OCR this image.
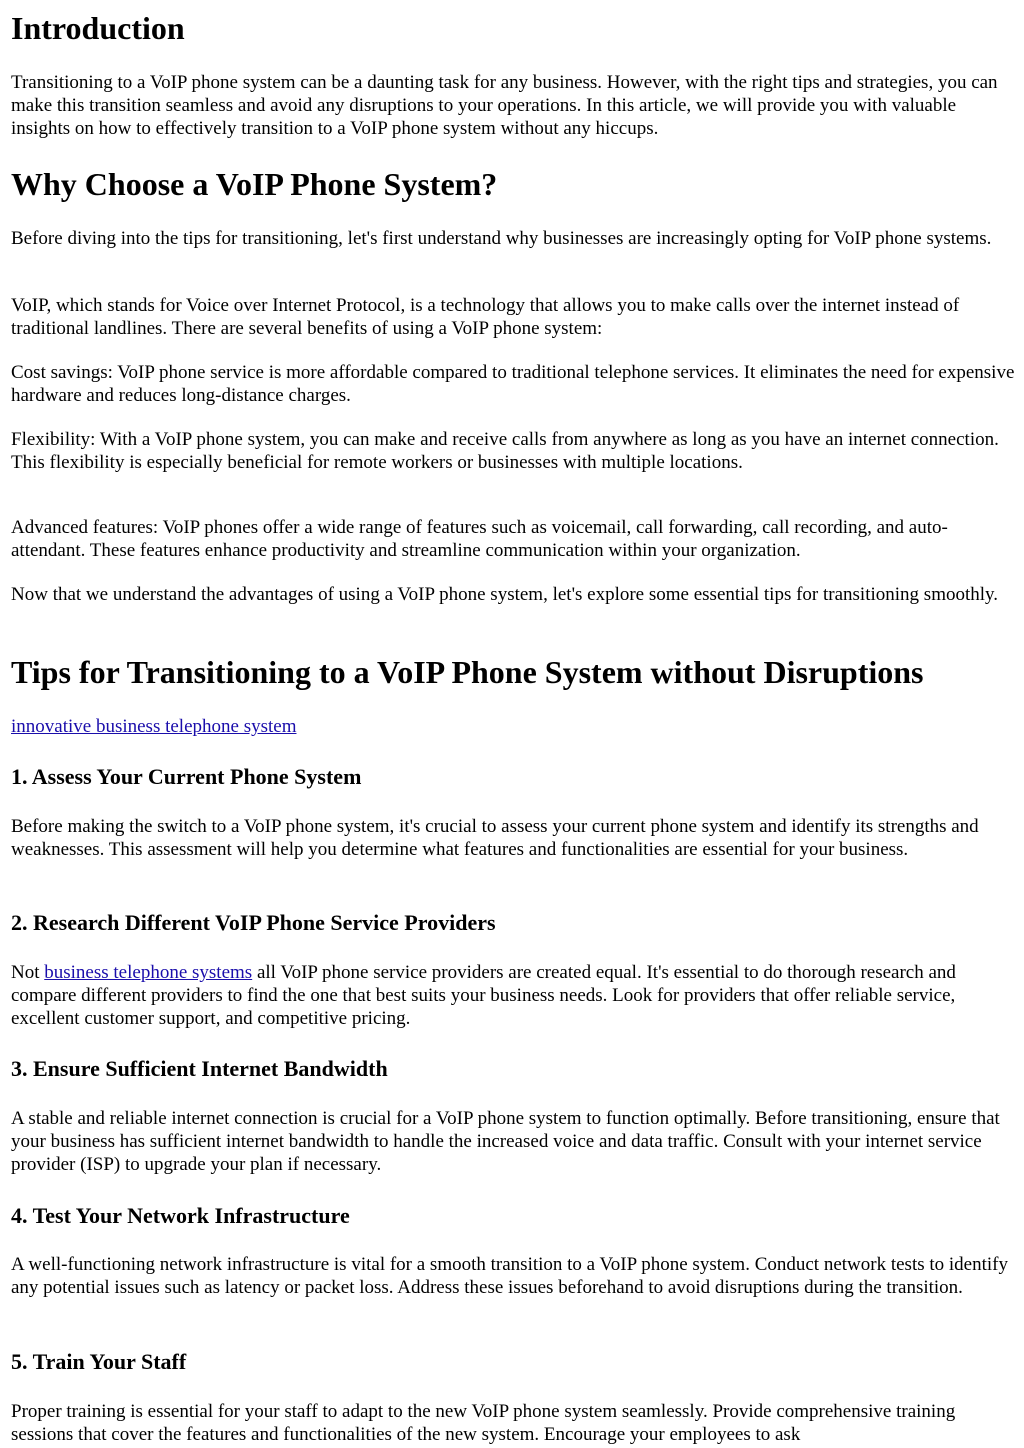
Introduction

Transitioning to a VoIP phone system can be a daunting task for any business. However, with the right tips and strategies, you can make this transition seamless and avoid any disruptions to your operations. In this article, we will provide you with valuable insights on how to effectively transition to a VoIP phone system without any hiccups.

Why Choose a VoIP Phone System?

Before diving into the tips for transitioning, let's first understand why businesses are increasingly opting for VoIP phone systems.

VoIP, which stands for Voice over Internet Protocol, is a technology that allows you to make calls over the internet instead of traditional landlines. There are several benefits of using a VoIP phone system:

Cost savings: VoIP phone service is more affordable compared to traditional telephone services. It eliminates the need for expensive hardware and reduces long-distance charges.

Flexibility: With a VoIP phone system, you can make and receive calls from anywhere as long as you have an internet connection. This flexibility is especially beneficial for remote workers or businesses with multiple locations.

Advanced features: VoIP phones offer a wide range of features such as voicemail, call forwarding, call recording, and auto-attendant. These features enhance productivity and streamline communication within your organization.

Now that we understand the advantages of using a VoIP phone system, let's explore some essential tips for transitioning smoothly.

Tips for Transitioning to a VoIP Phone System without Disruptions

innovative business telephone system

1. Assess Your Current Phone System

Before making the switch to a VoIP phone system, it's crucial to assess your current phone system and identify its strengths and weaknesses. This assessment will help you determine what features and functionalities are essential for your business.

2. Research Different VoIP Phone Service Providers

Not business telephone systems all VoIP phone service providers are created equal. It's essential to do thorough research and compare different providers to find the one that best suits your business needs. Look for providers that offer reliable service, excellent customer support, and competitive pricing.

3. Ensure Sufficient Internet Bandwidth

A stable and reliable internet connection is crucial for a VoIP phone system to function optimally. Before transitioning, ensure that your business has sufficient internet bandwidth to handle the increased voice and data traffic. Consult with your internet service provider (ISP) to upgrade your plan if necessary.

4. Test Your Network Infrastructure

A well-functioning network infrastructure is vital for a smooth transition to a VoIP phone system. Conduct network tests to identify any potential issues such as latency or packet loss. Address these issues beforehand to avoid disruptions during the transition.

5. Train Your Staff

Proper training is essential for your staff to adapt to the new VoIP phone system seamlessly. Provide comprehensive training sessions that cover the features and functionalities of the new system. Encourage your employees to ask
